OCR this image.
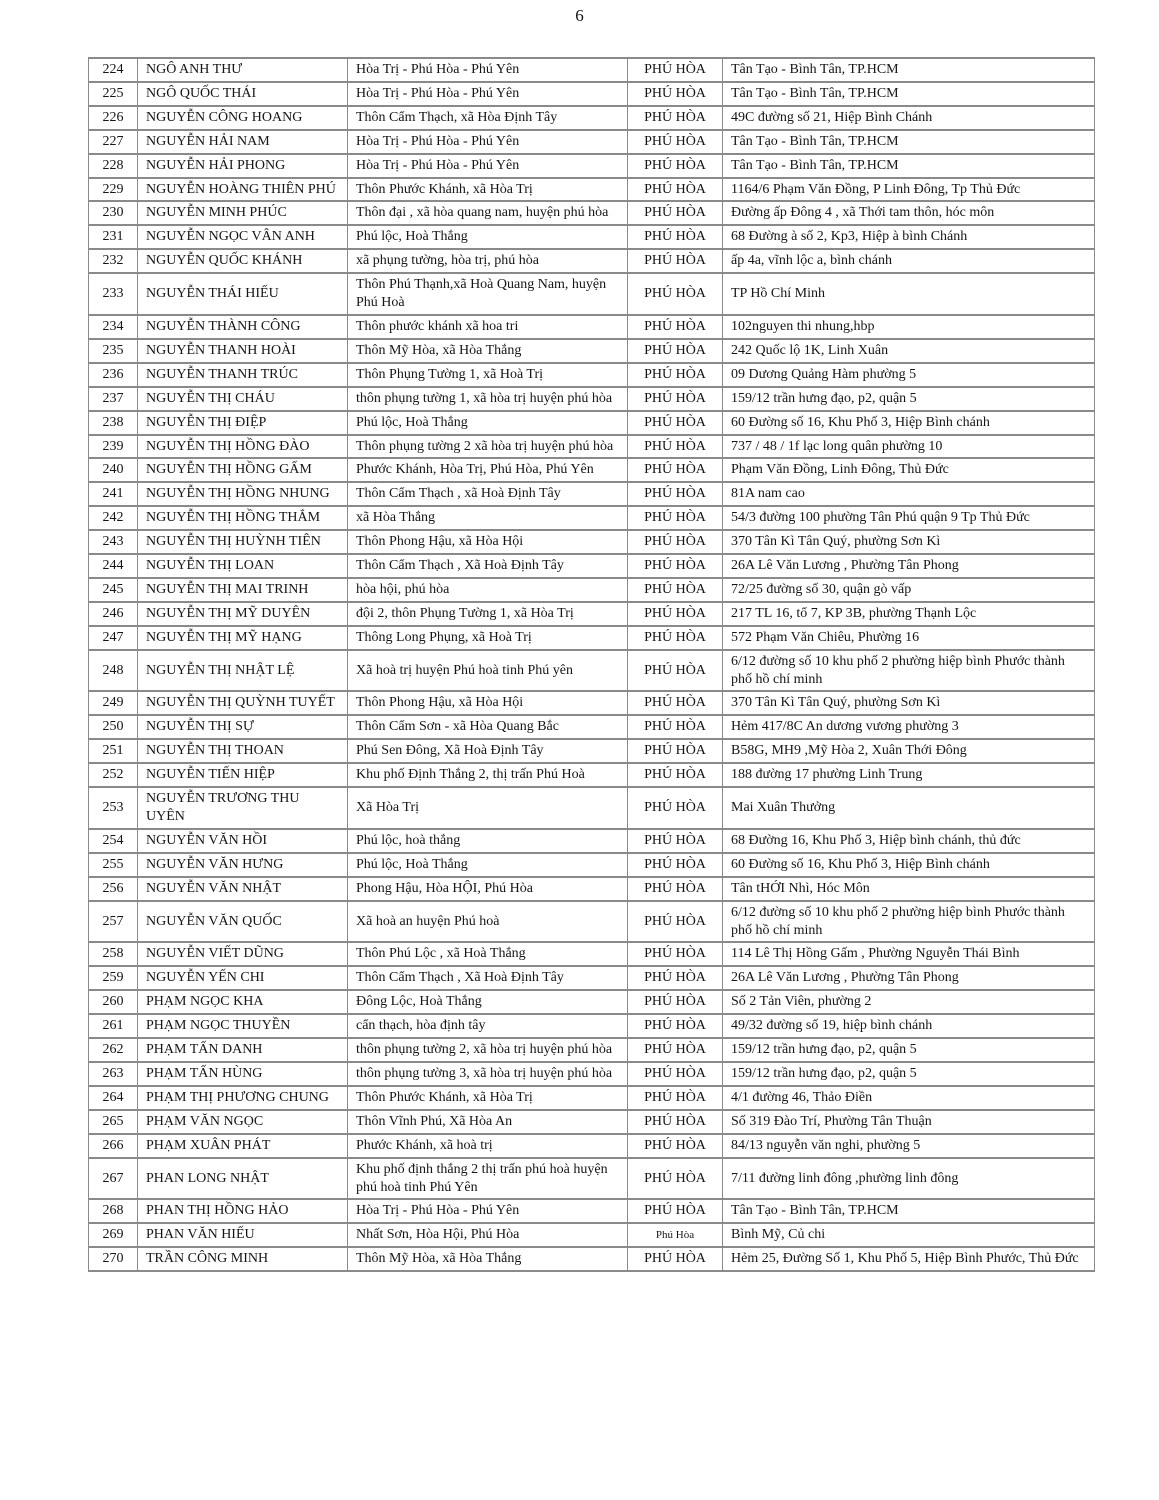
6
224	NGÔ ANH THƯ	Hòa Trị - Phú Hòa - Phú Yên	PHÚ HÒA	Tân Tạo - Bình Tân, TP.HCM
225	NGÔ QUỐC THÁI	Hòa Trị - Phú Hòa - Phú Yên	PHÚ HÒA	Tân Tạo - Bình Tân, TP.HCM
226	NGUYỄN CÔNG HOANG	Thôn Cẩm Thạch, xã Hòa Định Tây	PHÚ HÒA	49C đường số 21, Hiệp Bình Chánh
227	NGUYỄN HẢI NAM	Hòa Trị - Phú Hòa - Phú Yên	PHÚ HÒA	Tân Tạo - Bình Tân, TP.HCM
228	NGUYỄN HẢI PHONG	Hòa Trị - Phú Hòa - Phú Yên	PHÚ HÒA	Tân Tạo - Bình Tân, TP.HCM
229	NGUYỄN HOÀNG THIÊN PHÚ	Thôn Phước Khánh, xã Hòa Trị	PHÚ HÒA	1164/6 Phạm Văn Đồng, P Linh Đông, Tp Thủ Đức
230	NGUYỄN MINH PHÚC	Thôn đại , xã hòa quang nam, huyện phú hòa	PHÚ HÒA	Đường ấp Đông 4 , xã Thới tam thôn, hóc môn
231	NGUYỄN NGỌC VÂN ANH	Phú lộc, Hoà Thắng	PHÚ HÒA	68 Đường à số 2, Kp3, Hiệp à bình Chánh
232	NGUYỄN QUỐC KHÁNH	xã phụng tường, hòa trị, phú hòa	PHÚ HÒA	ấp 4a, vĩnh lộc a, bình chánh
233	NGUYỄN THÁI HIẾU	Thôn Phú Thạnh,xã Hoà Quang Nam, huyện Phú Hoà	PHÚ HÒA	TP Hồ Chí Minh
234	NGUYỄN THÀNH CÔNG	Thôn phước khánh xã hoa tri	PHÚ HÒA	102nguyen thi nhung,hbp
235	NGUYỄN THANH HOÀI	Thôn Mỹ Hòa, xã Hòa Thắng	PHÚ HÒA	242 Quốc lộ 1K, Linh Xuân
236	NGUYỄN THANH TRÚC	Thôn Phụng Tường 1, xã Hoà Trị	PHÚ HÒA	09 Dương Quảng Hàm phường 5
237	NGUYỄN THỊ CHÁU	thôn phụng tường 1, xã hòa trị huyện phú hòa	PHÚ HÒA	159/12 trần hưng đạo, p2, quận 5
238	NGUYỄN THỊ ĐIỆP	Phú lộc, Hoà Thắng	PHÚ HÒA	60 Đường số 16, Khu Phố 3, Hiệp Bình chánh
239	NGUYỄN THỊ HỒNG ĐÀO	Thôn phụng tường 2 xã hòa trị huyện phú hòa	PHÚ HÒA	737 / 48 / 1f lạc long quân phường 10
240	NGUYỄN THỊ HỒNG GẤM	Phước Khánh, Hòa Trị, Phú Hòa, Phú Yên	PHÚ HÒA	Phạm Văn Đồng, Linh Đông, Thủ Đức
241	NGUYỄN THỊ HỒNG NHUNG	Thôn Cẩm Thạch , xã Hoà Định Tây	PHÚ HÒA	81A nam cao
242	NGUYỄN THỊ HỒNG THẮM	xã Hòa Thắng	PHÚ HÒA	54/3 đường 100 phường Tân Phú quận 9 Tp Thủ Đức
243	NGUYỄN THỊ HUỲNH TIÊN	Thôn Phong Hậu, xã Hòa Hội	PHÚ HÒA	370 Tân Kì Tân Quý, phường Sơn Kì
244	NGUYỄN THỊ LOAN	Thôn Cẩm Thạch , Xã Hoà Định Tây	PHÚ HÒA	26A Lê Văn Lương , Phường Tân Phong
245	NGUYỄN THỊ MAI TRINH	hòa hội, phú hòa	PHÚ HÒA	72/25 đường số 30, quận gò vấp
246	NGUYỄN THỊ MỸ DUYÊN	đội 2, thôn Phụng Tường 1, xã Hòa Trị	PHÚ HÒA	217 TL 16, tổ 7, KP 3B, phường Thạnh Lộc
247	NGUYỄN THỊ MỸ HẠNG	Thông Long Phụng, xã Hoà Trị	PHÚ HÒA	572 Phạm Văn Chiêu, Phường 16
248	NGUYỄN THỊ NHẬT LỆ	Xã hoà trị huyện Phú hoà tinh Phú yên	PHÚ HÒA	6/12 đường số 10 khu phố 2 phường hiệp bình Phước thành phố hồ chí minh
249	NGUYỄN THỊ QUỲNH TUYẾT	Thôn Phong Hậu, xã Hòa Hội	PHÚ HÒA	370 Tân Kì Tân Quý, phường Sơn Kì
250	NGUYỄN THỊ SỰ	Thôn Cẩm Sơn - xã Hòa Quang Bắc	PHÚ HÒA	Hẻm 417/8C An dương vương phường 3
251	NGUYỄN THỊ THOAN	Phú Sen Đông, Xã Hoà Định Tây	PHÚ HÒA	B58G, MH9 ,Mỹ Hòa 2, Xuân Thới Đông
252	NGUYỄN TIẾN HIỆP	Khu phố Định Thắng 2, thị trấn Phú Hoà	PHÚ HÒA	188 đường 17 phường Linh Trung
253	NGUYỄN TRƯƠNG THU UYÊN	Xã Hòa Trị	PHÚ HÒA	Mai Xuân Thưởng
254	NGUYỄN VĂN HỒI	Phú lộc, hoà thắng	PHÚ HÒA	68 Đường 16, Khu Phố 3, Hiệp bình chánh, thủ đức
255	NGUYỄN VĂN HƯNG	Phú lộc, Hoà Thắng	PHÚ HÒA	60 Đường số 16, Khu Phố 3, Hiệp Bình chánh
256	NGUYỄN VĂN NHẬT	Phong Hậu, Hòa HỘI, Phú Hòa	PHÚ HÒA	Tân tHỚI Nhì, Hóc Môn
257	NGUYỄN VĂN QUỐC	Xã hoà an huyện Phú hoà	PHÚ HÒA	6/12 đường số 10 khu phố 2 phường hiệp bình Phước thành phố hồ chí minh
258	NGUYỄN VIẾT DŨNG	Thôn Phú Lộc , xã Hoà Thắng	PHÚ HÒA	114 Lê Thị Hồng Gấm , Phường Nguyễn Thái Bình
259	NGUYỄN YẾN CHI	Thôn Cẩm Thạch , Xã Hoà Định Tây	PHÚ HÒA	26A Lê Văn Lương , Phường Tân Phong
260	PHẠM NGỌC KHA	Đông Lộc, Hoà Thắng	PHÚ HÒA	Số 2 Tản Viên, phường 2
261	PHẠM NGỌC THUYỀN	cẩn thạch, hòa định tây	PHÚ HÒA	49/32 đường số 19, hiệp bình chánh
262	PHẠM TẤN DANH	thôn phụng tường 2, xã hòa trị huyện phú hòa	PHÚ HÒA	159/12 trần hưng đạo, p2, quận 5
263	PHẠM TẤN HÙNG	thôn phụng tường 3, xã hòa trị huyện phú hòa	PHÚ HÒA	159/12 trần hưng đạo, p2, quận 5
264	PHẠM THỊ PHƯƠNG CHUNG	Thôn Phước Khánh, xã Hòa Trị	PHÚ HÒA	4/1 đường 46, Thảo Điền
265	PHẠM VĂN NGỌC	Thôn Vĩnh Phú, Xã Hòa An	PHÚ HÒA	Số 319 Đào Trí, Phường Tân Thuận
266	PHẠM XUÂN PHÁT	Phước Khánh, xã hoà trị	PHÚ HÒA	84/13 nguyễn văn nghi, phường 5
267	PHAN LONG NHẬT	Khu phố định thắng 2 thị trấn phú hoà huyện phú hoà tinh Phú Yên	PHÚ HÒA	7/11 đường linh đông ,phường linh đông
268	PHAN THỊ HỒNG HẢO	Hòa Trị - Phú Hòa - Phú Yên	PHÚ HÒA	Tân Tạo - Bình Tân, TP.HCM
269	PHAN VĂN HIẾU	Nhất Sơn, Hòa Hội, Phú Hòa	Phú Hòa	Bình Mỹ, Củ chi
270	TRẦN CÔNG MINH	Thôn Mỹ Hòa, xã Hòa Thắng	PHÚ HÒA	Hẻm 25, Đường Số 1, Khu Phố 5, Hiệp Bình Phước, Thủ Đức
